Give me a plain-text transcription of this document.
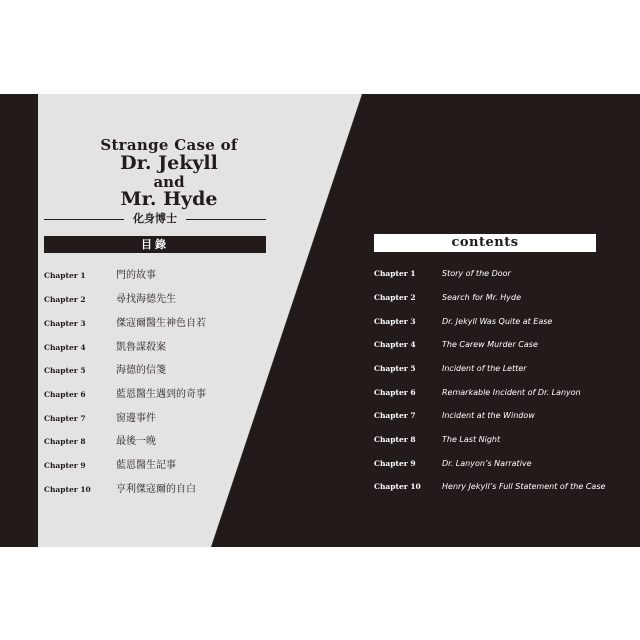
Strange Case of

Dr. Jekyll

and

Mr. Hyde

化身博士
目錄
Chapter 1	門的故事
Chapter 2	尋找海德先生
Chapter 3	傑寇爾醫生神色自若
Chapter 4	凱魯謀殺案
Chapter 5	海德的信箋
Chapter 6	藍恩醫生遇到的奇事
Chapter 7	窗邊事件
Chapter 8	最後一晚
Chapter 9	藍恩醫生記事
Chapter 10	亨利傑寇爾的自白
contents
Chapter 1	Story of the Door
Chapter 2	Search for Mr. Hyde
Chapter 3	Dr. Jekyll Was Quite at Ease
Chapter 4	The Carew Murder Case
Chapter 5	Incident of the Letter
Chapter 6	Remarkable Incident of Dr. Lanyon
Chapter 7	Incident at the Window
Chapter 8	The Last Night
Chapter 9	Dr. Lanyon’s Narrative
Chapter 10	Henry Jekyll’s Full Statement of the Case
